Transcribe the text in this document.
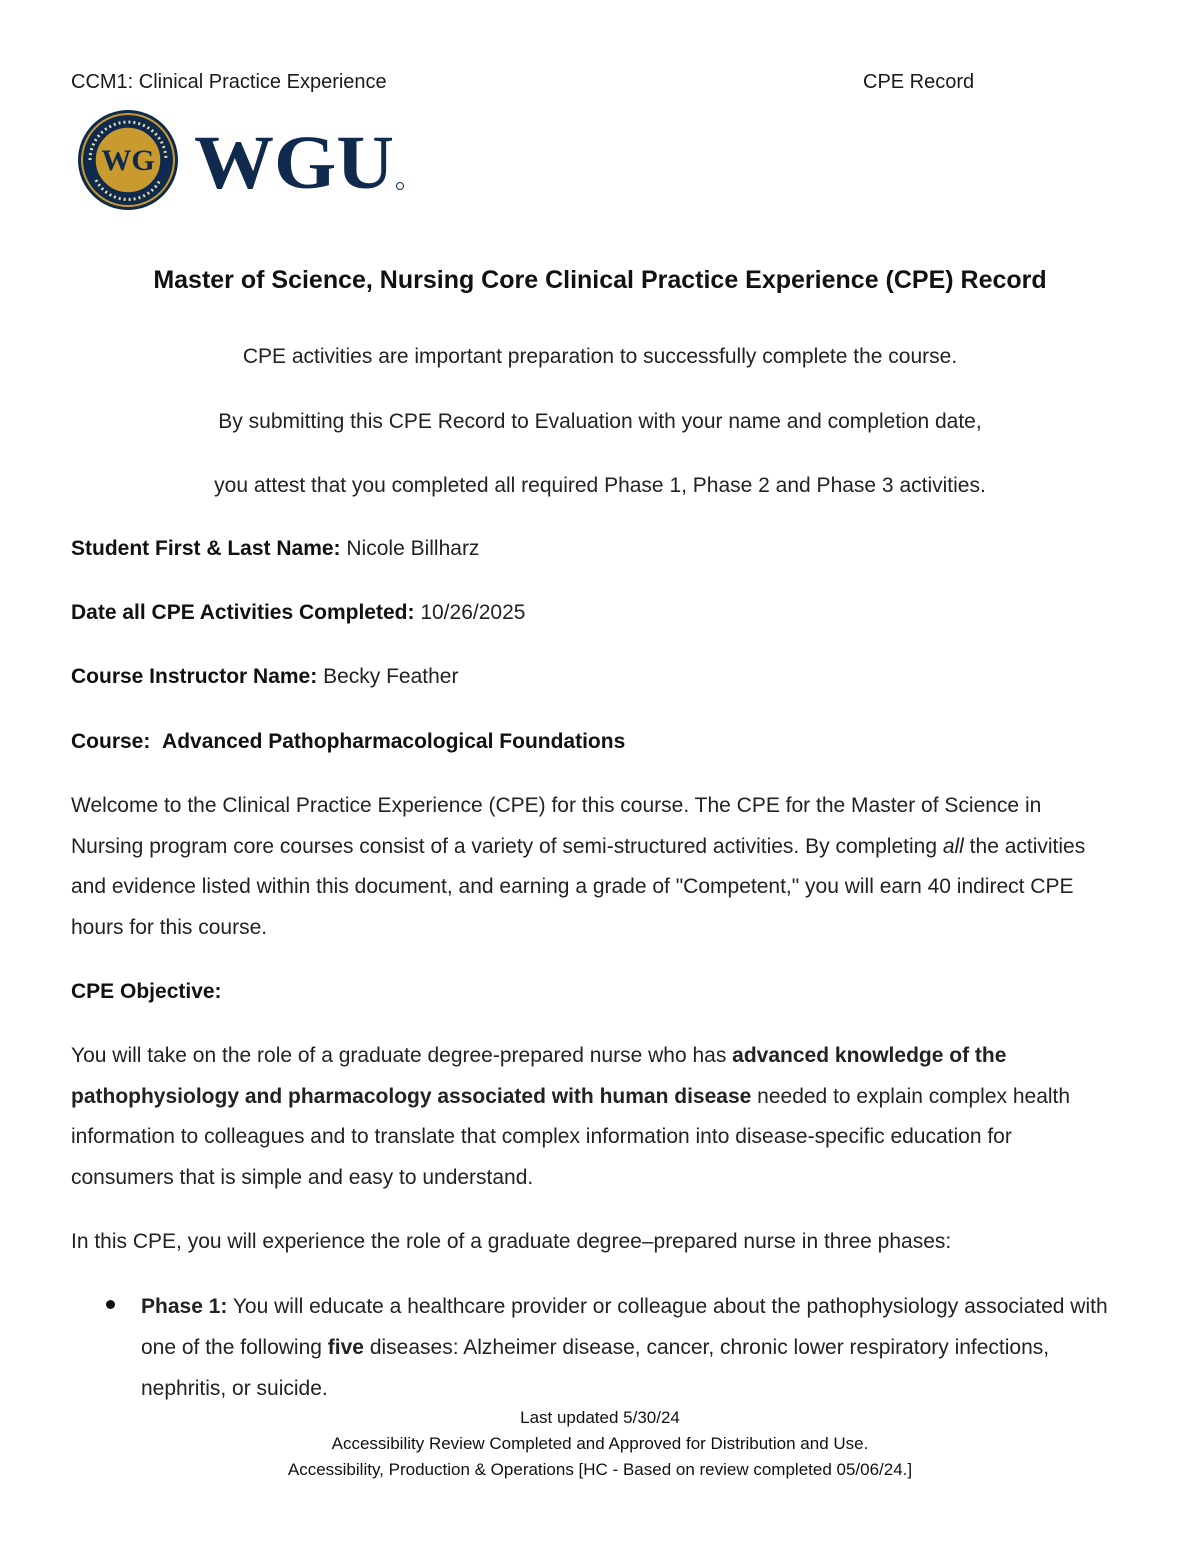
CCM1: Clinical Practice Experience	CPE Record
WG WGU
Master of Science, Nursing Core Clinical Practice Experience (CPE) Record
CPE activities are important preparation to successfully complete the course.
By submitting this CPE Record to Evaluation with your name and completion date,
you attest that you completed all required Phase 1, Phase 2 and Phase 3 activities.
Student First & Last Name: Nicole Billharz
Date all CPE Activities Completed: 10/26/2025
Course Instructor Name: Becky Feather
Course: Advanced Pathopharmacological Foundations
Welcome to the Clinical Practice Experience (CPE) for this course. The CPE for the Master of Science in Nursing program core courses consist of a variety of semi-structured activities. By completing all the activities and evidence listed within this document, and earning a grade of "Competent," you will earn 40 indirect CPE hours for this course.
CPE Objective:
You will take on the role of a graduate degree-prepared nurse who has advanced knowledge of the pathophysiology and pharmacology associated with human disease needed to explain complex health information to colleagues and to translate that complex information into disease-specific education for consumers that is simple and easy to understand.
In this CPE, you will experience the role of a graduate degree–prepared nurse in three phases:
Phase 1: You will educate a healthcare provider or colleague about the pathophysiology associated with one of the following five diseases: Alzheimer disease, cancer, chronic lower respiratory infections, nephritis, or suicide.
Last updated 5/30/24
Accessibility Review Completed and Approved for Distribution and Use.
Accessibility, Production & Operations [HC - Based on review completed 05/06/24.]
